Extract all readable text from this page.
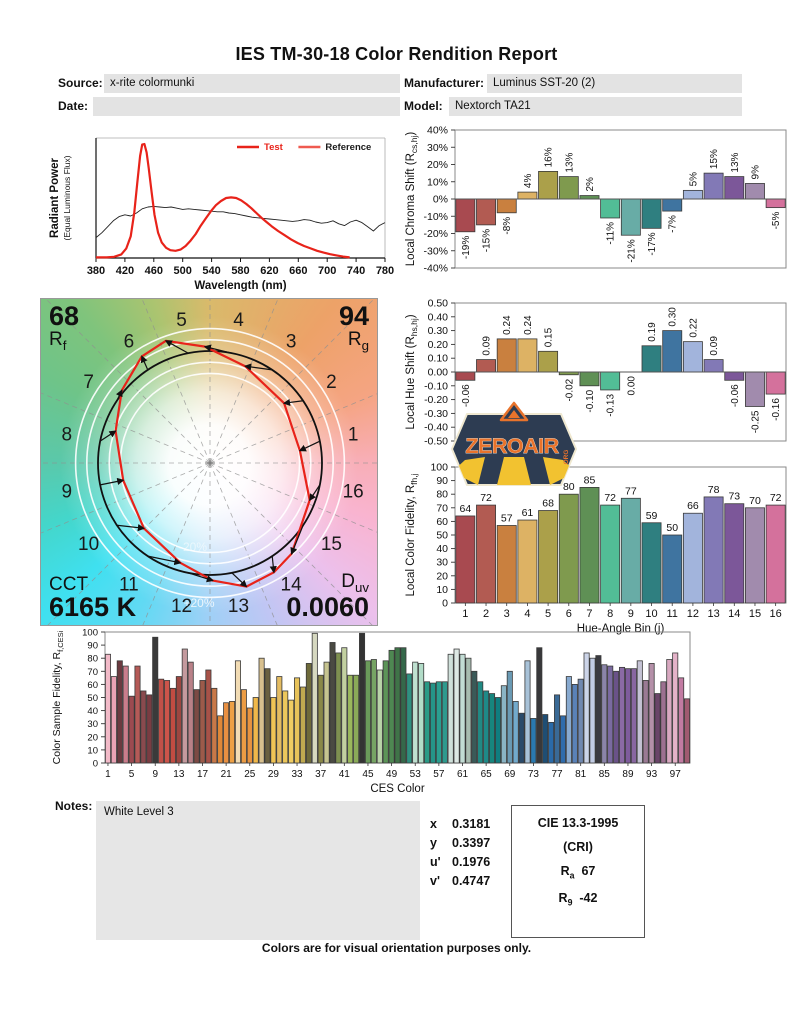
IES TM-30-18 Color Rendition Report
Source: x-rite colormunki	Manufacturer: Luminus SST-20 (2)
Date:	Model:	Nextorch TA21
380 420 460 500 540 580 620 660 700 740 780
Wavelength (nm)
Radiant Power (Equal Luminous Flux)
Test	Reference
1
2
3
4
5
6
7
8
9
10
11
12 13
14
15
16
-20%
+20%
68
$R_f$
94
$R_g$
CCT
6165 K
$D_{uv}$
0.0060
40%
30%
20%
10%
0%
-10%
-20%
-30%
-40%
Local Chroma Shift $(R_{cs,hj})$
-19% -15%
-8%
4%
16% 13%
2%
-11%
-21% -17%
-7%
5%
15% 13% 9%
-5%
0.50
0.40
0.30
0.20
0.10
0.00
-0.10
-0.20
-0.30
-0.40
-0.50
Local Hue Shift $(R_{hs,hj})$
-0.06
0.09
0.24 0.24
0.15
-0.02 -0.10 -0.13
0.00
0.19
0.30
0.22
0.09
-0.06
-0.25
-0.16
100
90
80
70
60
50
40
30
20
10
0
Local Color Fidelity, $R_{fh,j}$
64
72
57 61
68
80
85
72
77
59
50
66
78
73 70 72
1 2 3 4 5 6 7 8 9 10 11 12 13 14 15 16
Hue-Angle Bin (j)
100
90
80
70
60
50
40
30
20
10
0
Color Sample Fidelity, $R_{f,CESi}$
1 5 9 13 17 21 25 29 33 37 41 45 49 53 57 61 65 69 73 77 81 85 89 93 97
CES Color
ZEROAIR ORG
Notes:	White Level 3
x 0.3181
y 0.3397
u' 0.1976
v' 0.4747
CIE 13.3-1995
(CRI)
$R_a$ 67
$R_9$ -42
Colors are for visual orientation purposes only.
